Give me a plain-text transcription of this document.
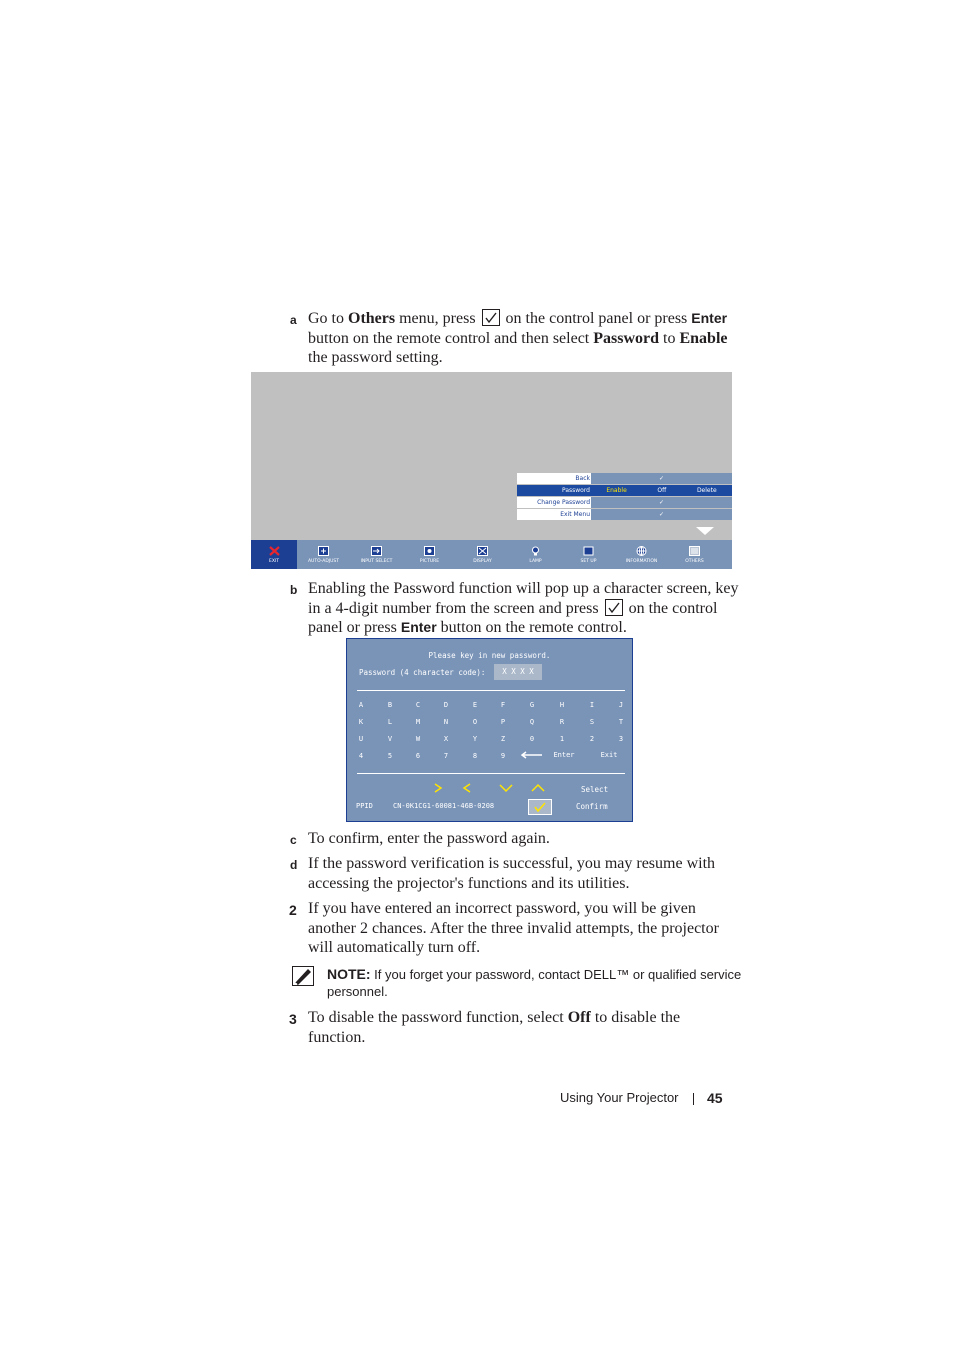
a Go to Others menu, press
on the control panel or press Enter
button on the remote control and then select Password to Enable
the password setting.
Back	✓
Password	Enable	Off	Delete
Change Password	✓
Exit Menu	✓
EXIT	AUTO-ADJUST	INPUT SELECT	PICTURE	DISPLAY	LAMP	SET UP	INFORMATION	OTHERS
b Enabling the Password function will pop up a character screen, key
in a 4-digit number from the screen and press
on the control
panel or press Enter button on the remote control.
Please key in new password.
Password (4 character code):	X X X X
Enter	Exit
Select
PPID	CN-0K1CG1-60081-46B-0208	Confirm
A	B	C	D	E	F	G	H	I	J
K	L	M	N	O	P	Q	R	S	T
U	V	W	X	Y	Z	0	1	2	3
4	5	6	7	8	9
c To confirm, enter the password again.
d If the password verification is successful, you may resume with
accessing the projector's functions and its utilities.
2 If you have entered an incorrect password, you will be given
another 2 chances. After the three invalid attempts, the projector
will automatically turn off.
NOTE: If you forget your password, contact DELL™ or qualified service
personnel.
3 To disable the password function, select Off to disable the
function.
Using Your Projector 45
